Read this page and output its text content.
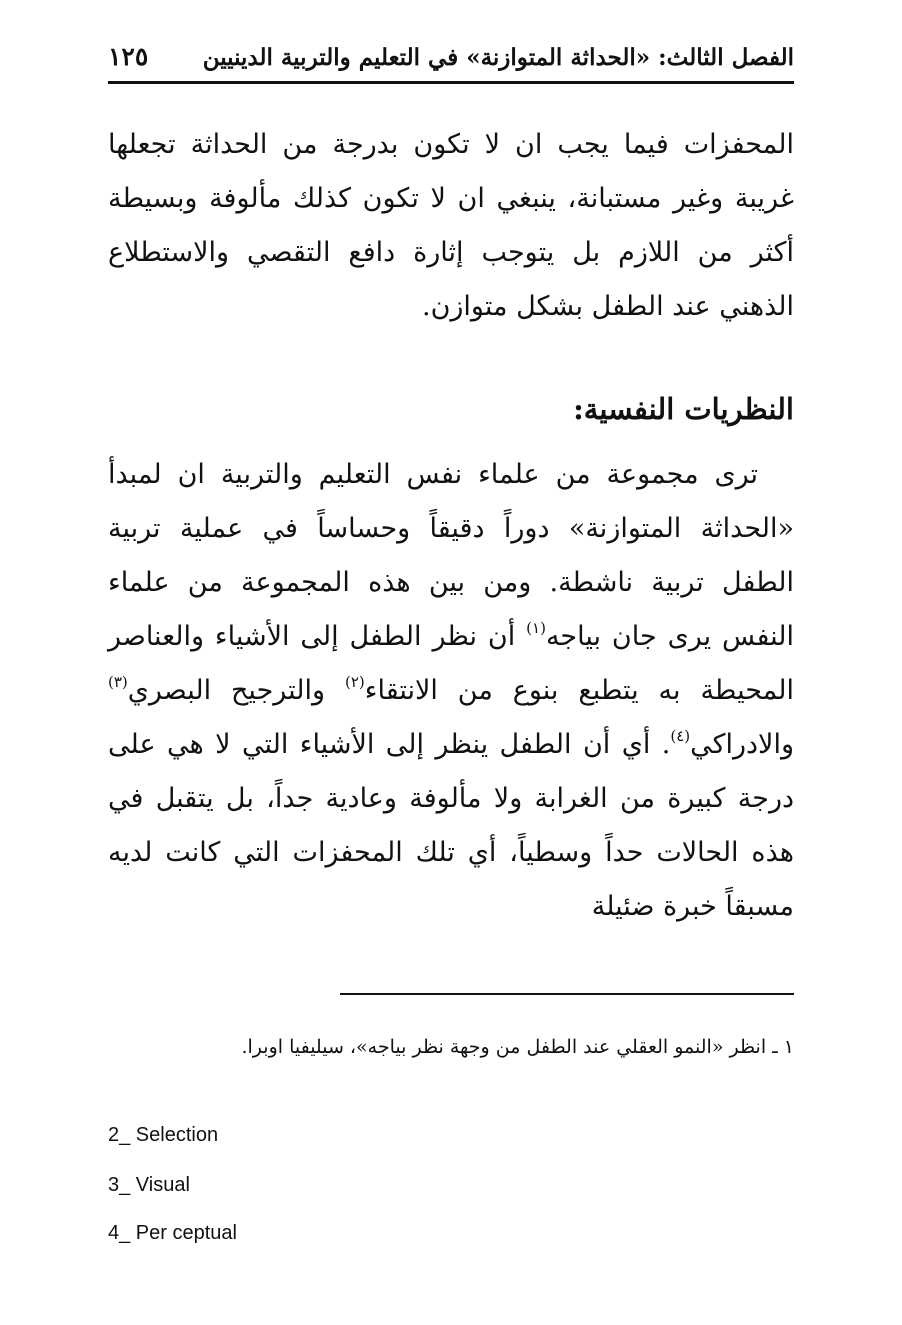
الفصل الثالث: «الحداثة المتوازنة» في التعليم والتربية الدينيين
١٢٥

المحفزات فيما يجب ان لا تكون بدرجة من الحداثة تجعلها غريبة وغير مستبانة، ينبغي ان لا تكون كذلك مألوفة وبسيطة أكثر من اللازم بل يتوجب إثارة دافع التقصي والاستطلاع الذهني عند الطفل بشكل متوازن.

النظريات النفسية:

ترى مجموعة من علماء نفس التعليم والتربية ان لمبدأ «الحداثة المتوازنة» دوراً دقيقاً وحساساً في عملية تربية الطفل تربية ناشطة. ومن بين هذه المجموعة من علماء النفس يرى جان بياجه$^{(١)}$ أن نظر الطفل إلى الأشياء والعناصر المحيطة به يتطبع بنوع من الانتقاء$^{(٢)}$ والترجيح البصري$^{(٣)}$ والادراكي$^{(٤)}$. أي أن الطفل ينظر إلى الأشياء التي لا هي على درجة كبيرة من الغرابة ولا مألوفة وعادية جداً، بل يتقبل في هذه الحالات حداً وسطياً، أي تلك المحفزات التي كانت لديه مسبقاً خبرة ضئيلة

١ ـ انظر «النمو العقلي عند الطفل من وجهة نظر بياجه»، سيليفيا اوبرا.

2_ Selection
3_ Visual
4_ Per ceptual
